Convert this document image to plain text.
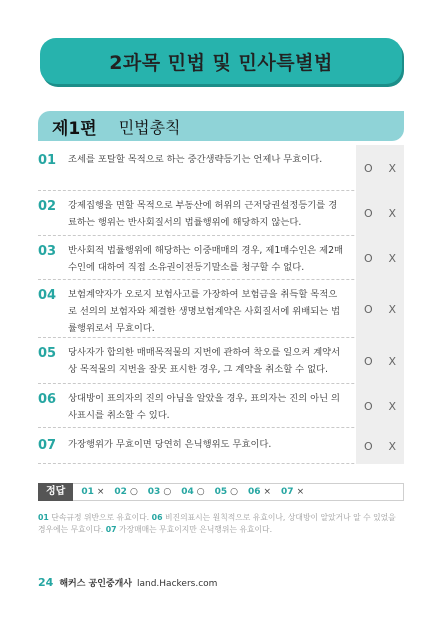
2과목 민법 및 민사특별법
제1편 민법총칙
01	조세를 포탈할 목적으로 하는 중간생략등기는 언제나 무효이다.
O X
02	강제집행을 면할 목적으로 부동산에 허위의 근저당권설정등기를 경료하는 행위는 반사회질서의 법률행위에 해당하지 않는다.
O X
03	반사회적 법률행위에 해당하는 이중매매의 경우, 제1매수인은 제2매수인에 대하여 직접 소유권이전등기말소를 청구할 수 없다.
O X
04	보험계약자가 오로지 보험사고를 가장하여 보험금을 취득할 목적으로 선의의 보험자와 체결한 생명보험계약은 사회질서에 위배되는 법률행위로서 무효이다.
O X
05	당사자가 합의한 매매목적물의 지번에 관하여 착오를 일으켜 계약서상 목적물의 지번을 잘못 표시한 경우, 그 계약을 취소할 수 없다.
O X
06	상대방이 표의자의 진의 아님을 알았을 경우, 표의자는 진의 아닌 의사표시를 취소할 수 있다.
O X
07	가장행위가 무효이면 당연히 은닉행위도 무효이다.	O X
정답	01 × 02 ○ 03 ○ 04 ○ 05 ○ 06 × 07 ×
01 단속규정 위반으로 유효이다. 06 비진의표시는 원칙적으로 유효이나, 상대방이 알았거나 알 수 있었을 경우에는 무효이다. 07 가장매매는 무효이지만 은닉행위는 유효이다.
24 해커스 공인중개사 land.Hackers.com
